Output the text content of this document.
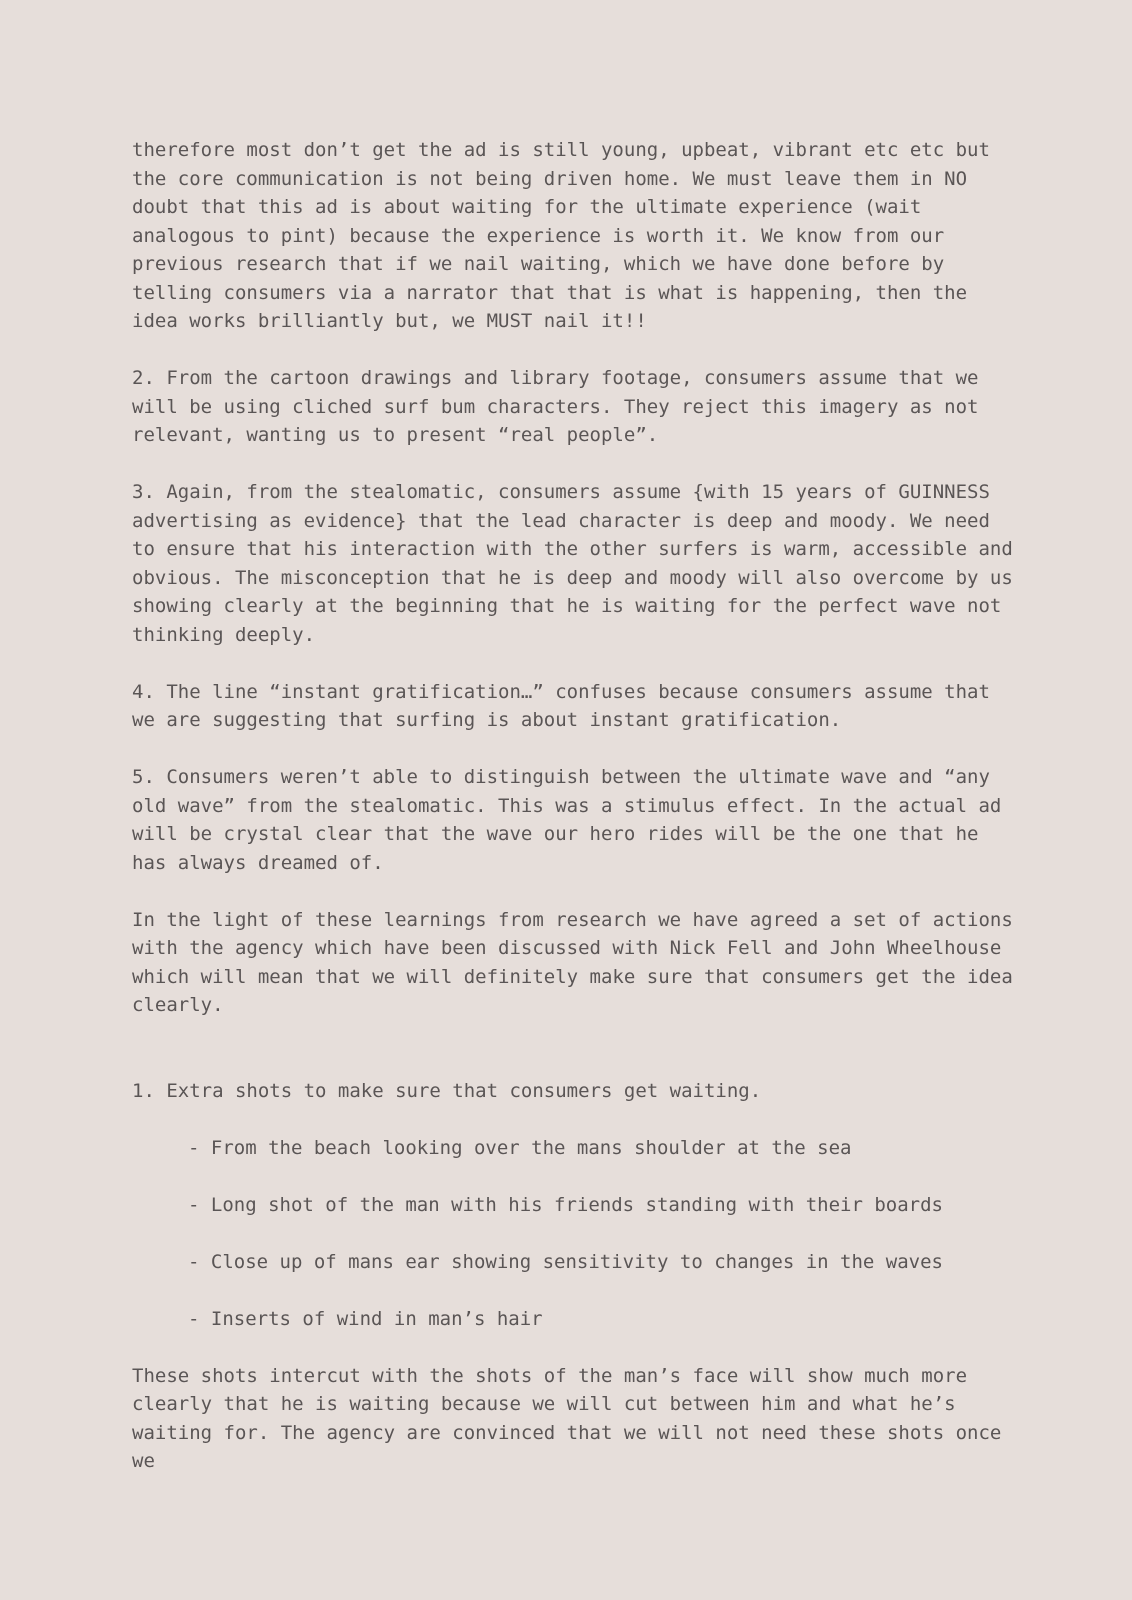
therefore most don’t get the ad is still young, upbeat, vibrant etc etc but the core communication is not being driven home. We must leave them in NO doubt that this ad is about waiting for the ultimate experience (wait analogous to pint) because the experience is worth it. We know from our previous research that if we nail waiting, which we have done before by telling consumers via a narrator that that is what is happening, then the idea works brilliantly but, we MUST nail it!!

2. From the cartoon drawings and library footage, consumers assume that we will be using cliched surf bum characters. They reject this imagery as not relevant, wanting us to present “real people”.

3. Again, from the stealomatic, consumers assume {with 15 years of GUINNESS advertising as evidence} that the lead character is deep and moody. We need to ensure that his interaction with the other surfers is warm, accessible and obvious. The misconception that he is deep and moody will also overcome by us showing clearly at the beginning that he is waiting for the perfect wave not thinking deeply.

4. The line “instant gratification…” confuses because consumers assume that we are suggesting that surfing is about instant gratification.

5. Consumers weren’t able to distinguish between the ultimate wave and “any old wave” from the stealomatic. This was a stimulus effect. In the actual ad will be crystal clear that the wave our hero rides will be the one that he has always dreamed of.

In the light of these learnings from research we have agreed a set of actions with the agency which have been discussed with Nick Fell and John Wheelhouse which will mean that we will definitely make sure that consumers get the idea clearly.

1. Extra shots to make sure that consumers get waiting.

- From the beach looking over the mans shoulder at the sea

- Long shot of the man with his friends standing with their boards

- Close up of mans ear showing sensitivity to changes in the waves

- Inserts of wind in man’s hair

These shots intercut with the shots of the man’s face will show much more clearly that he is waiting because we will cut between him and what he’s waiting for. The agency are convinced that we will not need these shots once we
